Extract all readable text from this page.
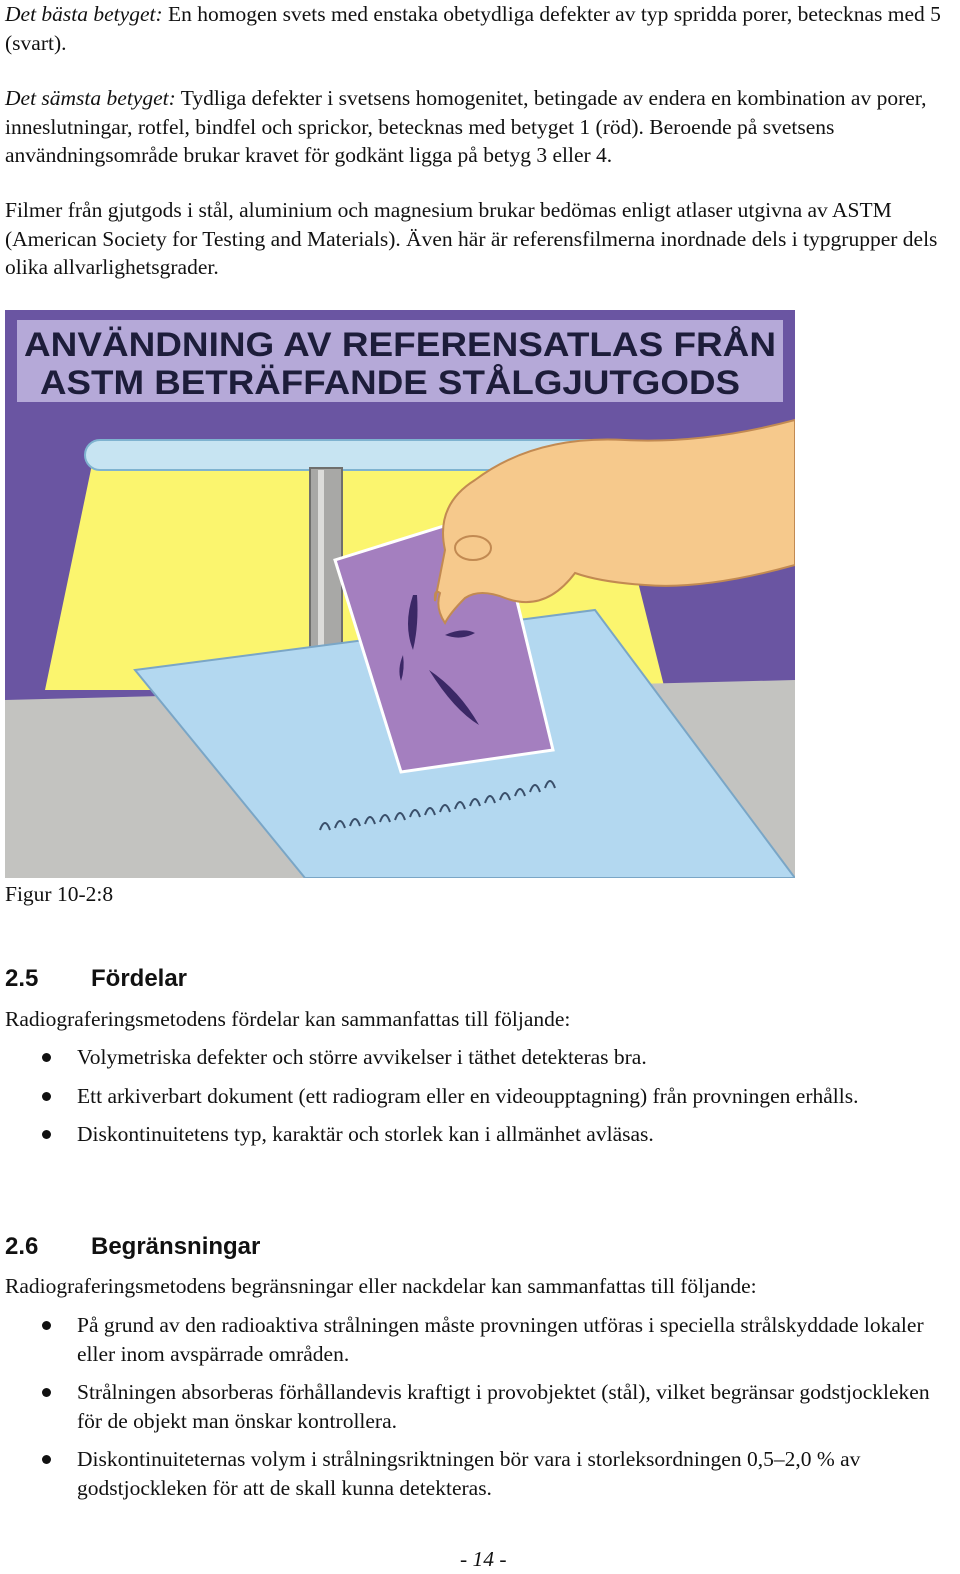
Det bästa betyget: En homogen svets med enstaka obetydliga defekter av typ spridda porer, betecknas med 5 (svart).

Det sämsta betyget: Tydliga defekter i svetsens homogenitet, betingade av endera en kombination av porer, inneslutningar, rotfel, bindfel och sprickor, betecknas med betyget 1 (röd). Beroende på svetsens användningsområde brukar kravet för godkänt ligga på betyg 3 eller 4.

Filmer från gjutgods i stål, aluminium och magnesium brukar bedömas enligt atlaser utgivna av ASTM (American Society for Testing and Materials). Även här är referensfilmerna inordnade dels i typgrupper dels olika allvarlighetsgrader.

ANVÄNDNING AV REFERENSATLAS FRÅN
ASTM BETRÄFFANDE STÅLGJUTGODS

Figur 10-2:8

2.5 Fördelar

Radiograferingsmetodens fördelar kan sammanfattas till följande:

Volymetriska defekter och större avvikelser i täthet detekteras bra.
Ett arkiverbart dokument (ett radiogram eller en videoupptagning) från provningen erhålls.
Diskontinuitetens typ, karaktär och storlek kan i allmänhet avläsas.
2.6 Begränsningar

Radiograferingsmetodens begränsningar eller nackdelar kan sammanfattas till följande:

På grund av den radioaktiva strålningen måste provningen utföras i speciella strålskyddade lokaler eller inom avspärrade områden.
Strålningen absorberas förhållandevis kraftigt i provobjektet (stål), vilket begränsar godstjockleken för de objekt man önskar kontrollera.
Diskontinuiteternas volym i strålningsriktningen bör vara i storleksordningen 0,5–2,0 % av godstjockleken för att de skall kunna detekteras.

- 14 -
